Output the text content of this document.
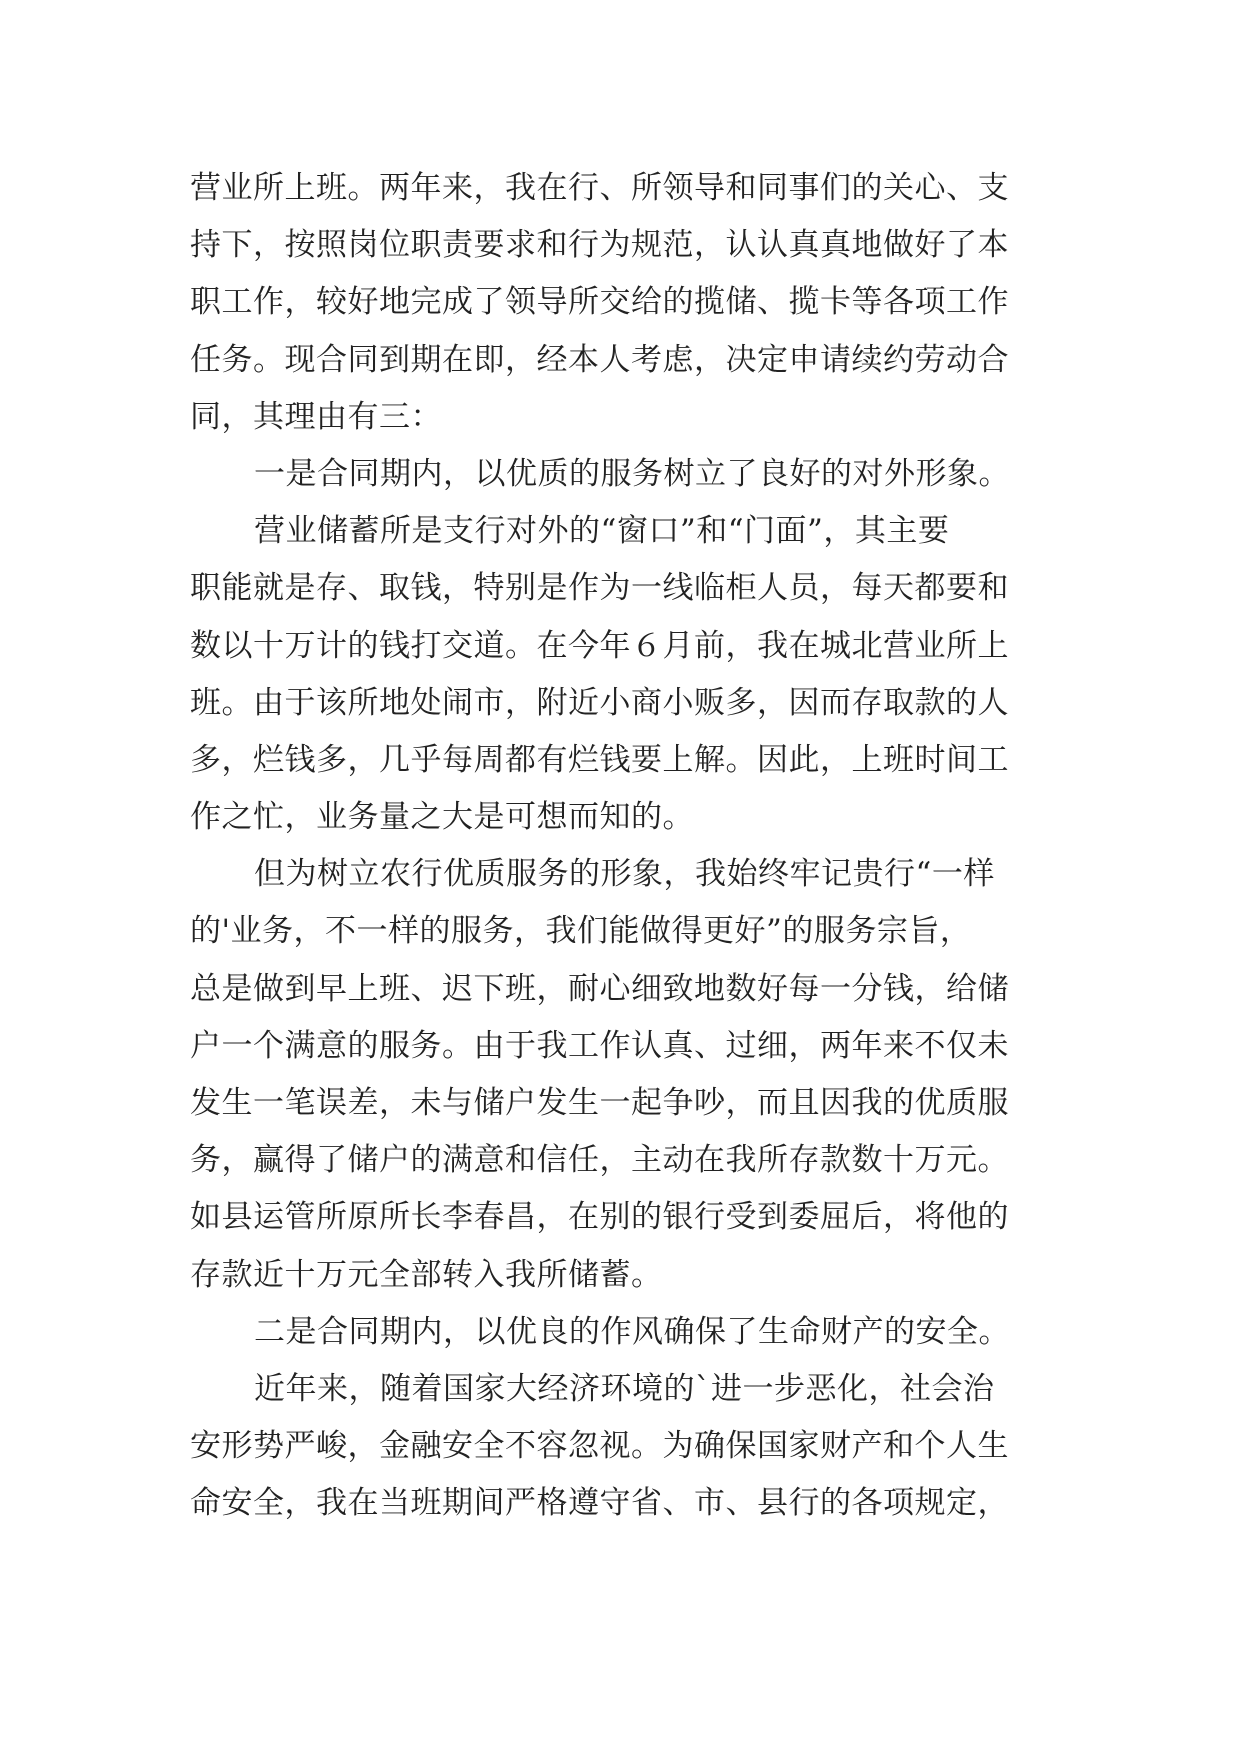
营业所上班。两年来，我在行、所领导和同事们的关心、支
持下，按照岗位职责要求和行为规范，认认真真地做好了本
职工作，较好地完成了领导所交给的揽储、揽卡等各项工作
任务。现合同到期在即，经本人考虑，决定申请续约劳动合
同，其理由有三：
一是合同期内，以优质的服务树立了良好的对外形象。
营业储蓄所是支行对外的“窗口”和“门面”，其主要
职能就是存、取钱，特别是作为一线临柜人员，每天都要和
数以十万计的钱打交道。在今年６月前，我在城北营业所上
班。由于该所地处闹市，附近小商小贩多，因而存取款的人
多，烂钱多，几乎每周都有烂钱要上解。因此，上班时间工
作之忙，业务量之大是可想而知的。
但为树立农行优质服务的形象，我始终牢记贵行“一样
的'业务，不一样的服务，我们能做得更好”的服务宗旨，
总是做到早上班、迟下班，耐心细致地数好每一分钱，给储
户一个满意的服务。由于我工作认真、过细，两年来不仅未
发生一笔误差，未与储户发生一起争吵，而且因我的优质服
务，赢得了储户的满意和信任，主动在我所存款数十万元。
如县运管所原所长李春昌，在别的银行受到委屈后，将他的
存款近十万元全部转入我所储蓄。
二是合同期内，以优良的作风确保了生命财产的安全。
近年来，随着国家大经济环境的`进一步恶化，社会治
安形势严峻，金融安全不容忽视。为确保国家财产和个人生
命安全，我在当班期间严格遵守省、市、县行的各项规定，
